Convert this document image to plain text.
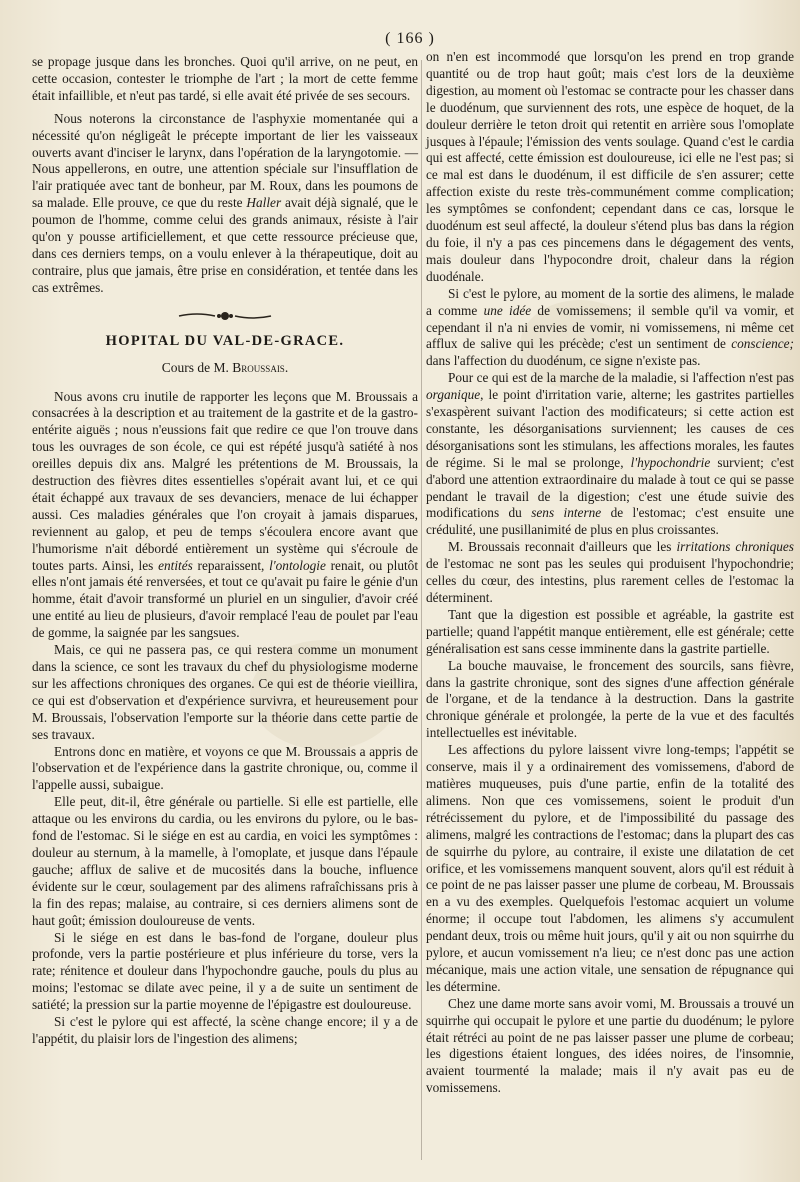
( 166 )

se propage jusque dans les bronches. Quoi qu'il arrive, on ne peut, en cette occasion, contester le triomphe de l'art ; la mort de cette femme était infaillible, et n'eut pas tardé, si elle avait été privée de ses secours.

Nous noterons la circonstance de l'asphyxie momentanée qui a nécessité qu'on négligeât le précepte important de lier les vaisseaux ouverts avant d'inciser le larynx, dans l'opération de la laryngotomie. — Nous appellerons, en outre, une attention spéciale sur l'insufflation de l'air pratiquée avec tant de bonheur, par M. Roux, dans les poumons de sa malade. Elle prouve, ce que du reste Haller avait déjà signalé, que le poumon de l'homme, comme celui des grands animaux, résiste à l'air qu'on y pousse artificiellement, et que cette ressource précieuse que, dans ces derniers temps, on a voulu enlever à la thérapeutique, doit au contraire, plus que jamais, être prise en considération, et tentée dans les cas extrêmes.

HOPITAL DU VAL-DE-GRACE.

Cours de M. Broussais.

Nous avons cru inutile de rapporter les leçons que M. Broussais a consacrées à la description et au traitement de la gastrite et de la gastro-entérite aiguës ; nous n'eussions fait que redire ce que l'on trouve dans tous les ouvrages de son école, ce qui est répété jusqu'à satiété à nos oreilles depuis dix ans. Malgré les prétentions de M. Broussais, la destruction des fièvres dites essentielles s'opérait avant lui, et ce qui était échappé aux travaux de ses devanciers, menace de lui échapper aussi. Ces maladies générales que l'on croyait à jamais disparues, reviennent au galop, et peu de temps s'écoulera encore avant que l'humorisme n'ait débordé entièrement un système qui s'écroule de toutes parts. Ainsi, les entités reparaissent, l'ontologie renait, ou plutôt elles n'ont jamais été renversées, et tout ce qu'avait pu faire le génie d'un homme, était d'avoir transformé un pluriel en un singulier, d'avoir créé une entité au lieu de plusieurs, d'avoir remplacé l'eau de poulet par l'eau de gomme, la saignée par les sangsues.

Mais, ce qui ne passera pas, ce qui restera comme un monument dans la science, ce sont les travaux du chef du physiologisme moderne sur les affections chroniques des organes. Ce qui est de théorie vieillira, ce qui est d'observation et d'expérience survivra, et heureusement pour M. Broussais, l'observation l'emporte sur la théorie dans cette partie de ses travaux.

Entrons donc en matière, et voyons ce que M. Broussais a appris de l'observation et de l'expérience dans la gastrite chronique, ou, comme il l'appelle aussi, subaigue.

Elle peut, dit-il, être générale ou partielle. Si elle est partielle, elle attaque ou les environs du cardia, ou les environs du pylore, ou le bas-fond de l'estomac. Si le siége en est au cardia, en voici les symptômes : douleur au sternum, à la mamelle, à l'omoplate, et jusque dans l'épaule gauche; afflux de salive et de mucosités dans la bouche, influence évidente sur le cœur, soulagement par des alimens rafraîchissans pris à la fin des repas; malaise, au contraire, si ces derniers alimens sont de haut goût; émission douloureuse de vents.

Si le siége en est dans le bas-fond de l'organe, douleur plus profonde, vers la partie postérieure et plus inférieure du torse, vers la rate; rénitence et douleur dans l'hypochondre gauche, pouls du plus au moins; l'estomac se dilate avec peine, il y a de suite un sentiment de satiété; la pression sur la partie moyenne de l'épigastre est douloureuse.

Si c'est le pylore qui est affecté, la scène change encore; il y a de l'appétit, du plaisir lors de l'ingestion des alimens;

on n'en est incommodé que lorsqu'on les prend en trop grande quantité ou de trop haut goût; mais c'est lors de la deuxième digestion, au moment où l'estomac se contracte pour les chasser dans le duodénum, que surviennent des rots, une espèce de hoquet, de la douleur derrière le teton droit qui retentit en arrière sous l'omoplate jusques à l'épaule; l'émission des vents soulage. Quand c'est le cardia qui est affecté, cette émission est douloureuse, ici elle ne l'est pas; si ce mal est dans le duodénum, il est difficile de s'en assurer; cette affection existe du reste très-communément comme complication; les symptômes se confondent; cependant dans ce cas, lorsque le duodénum est seul affecté, la douleur s'étend plus bas dans la région du foie, il n'y a pas ces pincemens dans le dégagement des vents, mais douleur dans l'hypocondre droit, chaleur dans la région duodénale.

Si c'est le pylore, au moment de la sortie des alimens, le malade a comme une idée de vomissemens; il semble qu'il va vomir, et cependant il n'a ni envies de vomir, ni vomissemens, ni même cet afflux de salive qui les précède; c'est un sentiment de conscience; dans l'affection du duodénum, ce signe n'existe pas.

Pour ce qui est de la marche de la maladie, si l'affection n'est pas organique, le point d'irritation varie, alterne; les gastrites partielles s'exaspèrent suivant l'action des modificateurs; si cette action est constante, les désorganisations surviennent; les causes de ces désorganisations sont les stimulans, les affections morales, les fautes de régime. Si le mal se prolonge, l'hypochondrie survient; c'est d'abord une attention extraordinaire du malade à tout ce qui se passe pendant le travail de la digestion; c'est une étude suivie des modifications du sens interne de l'estomac; c'est ensuite une crédulité, une pusillanimité de plus en plus croissantes.

M. Broussais reconnait d'ailleurs que les irritations chroniques de l'estomac ne sont pas les seules qui produisent l'hypochondrie; celles du cœur, des intestins, plus rarement celles de l'estomac la déterminent.

Tant que la digestion est possible et agréable, la gastrite est partielle; quand l'appétit manque entièrement, elle est générale; cette généralisation est sans cesse imminente dans la gastrite partielle.

La bouche mauvaise, le froncement des sourcils, sans fièvre, dans la gastrite chronique, sont des signes d'une affection générale de l'organe, et de la tendance à la destruction. Dans la gastrite chronique générale et prolongée, la perte de la vue et des facultés intellectuelles est inévitable.

Les affections du pylore laissent vivre long-temps; l'appétit se conserve, mais il y a ordinairement des vomissemens, d'abord de matières muqueuses, puis d'une partie, enfin de la totalité des alimens. Non que ces vomissemens, soient le produit d'un rétrécissement du pylore, et de l'impossibilité du passage des alimens, malgré les contractions de l'estomac; dans la plupart des cas de squirrhe du pylore, au contraire, il existe une dilatation de cet orifice, et les vomissemens manquent souvent, alors qu'il est réduit à ce point de ne pas laisser passer une plume de corbeau, M. Broussais en a vu des exemples. Quelquefois l'estomac acquiert un volume énorme; il occupe tout l'abdomen, les alimens s'y accumulent pendant deux, trois ou même huit jours, qu'il y ait ou non squirrhe du pylore, et aucun vomissement n'a lieu; ce n'est donc pas une action mécanique, mais une action vitale, une sensation de répugnance qui les détermine.

Chez une dame morte sans avoir vomi, M. Broussais a trouvé un squirrhe qui occupait le pylore et une partie du duodénum; le pylore était rétréci au point de ne pas laisser passer une plume de corbeau; les digestions étaient longues, des idées noires, de l'insomnie, avaient tourmenté la malade; mais il n'y avait pas eu de vomissemens.
